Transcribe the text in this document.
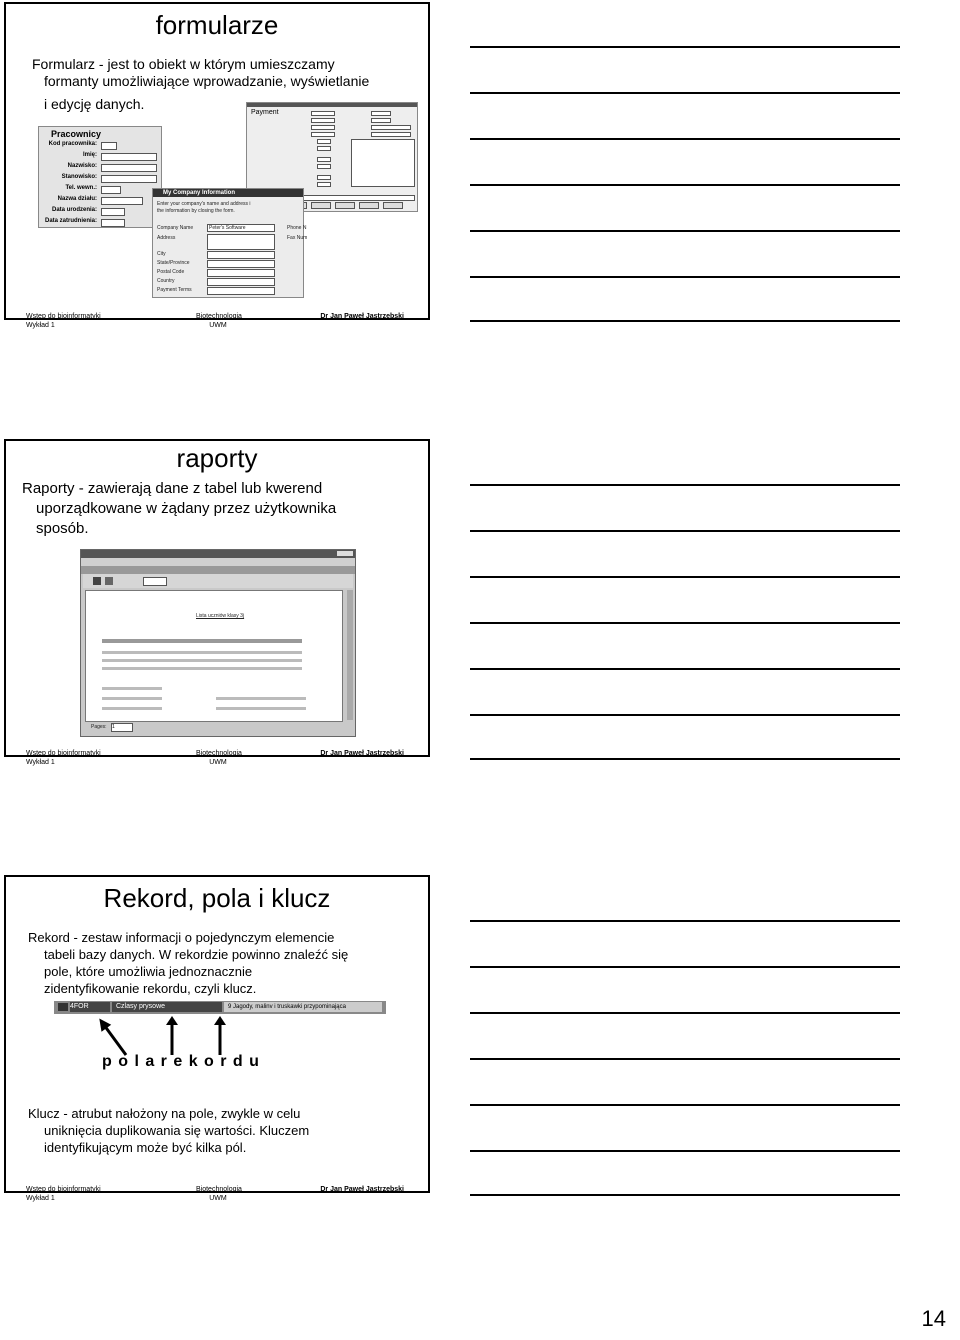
formularze
Formularz - jest to obiekt w którym umieszczamy
formanty umożliwiające wprowadzanie, wyświetlanie
i edycję danych.
Pracownicy
Kod pracownika:
Imię:
Nazwisko:
Stanowisko:
Tel. wewn.:
Nazwa działu:
Data urodzenia:
Data zatrudnienia:
Payment
My Company Information
Enter your company's name and address i
the information by closing the form.
Company Name	Peter's Software	Phone N
Address	Fax Num
City
State/Province
Postal Code
Country
Payment Terms
Wstęp do bioinformatyki
Wykład 1
Biotechnologia
UWM
Dr Jan Paweł Jastrzębski
raporty
Raporty - zawierają dane z tabel lub kwerend
uporządkowane w żądany przez użytkownika
sposób.
Lista uczniów klasy 3j
Pages: 1
Wstęp do bioinformatyki
Wykład 1
Biotechnologia
UWM
Dr Jan Paweł Jastrzębski
Rekord, pola i klucz
Rekord - zestaw informacji o pojedynczym elemencie
tabeli bazy danych. W rekordzie powinno znaleźć się
pole, które umożliwia jednoznacznie
zidentyfikowanie rekordu, czyli klucz.
4FOR	Czlasy prysowe	9 Jagody, malinv i truskawki przypominająca
p o l a r e k o r d u
Klucz - atrubut nałożony na pole, zwykle w celu
uniknięcia duplikowania się wartości. Kluczem
identyfikującym może być kilka pól.
Wstęp do bioinformatyki
Wykład 1
Biotechnologia
UWM
Dr Jan Paweł Jastrzębski
14
